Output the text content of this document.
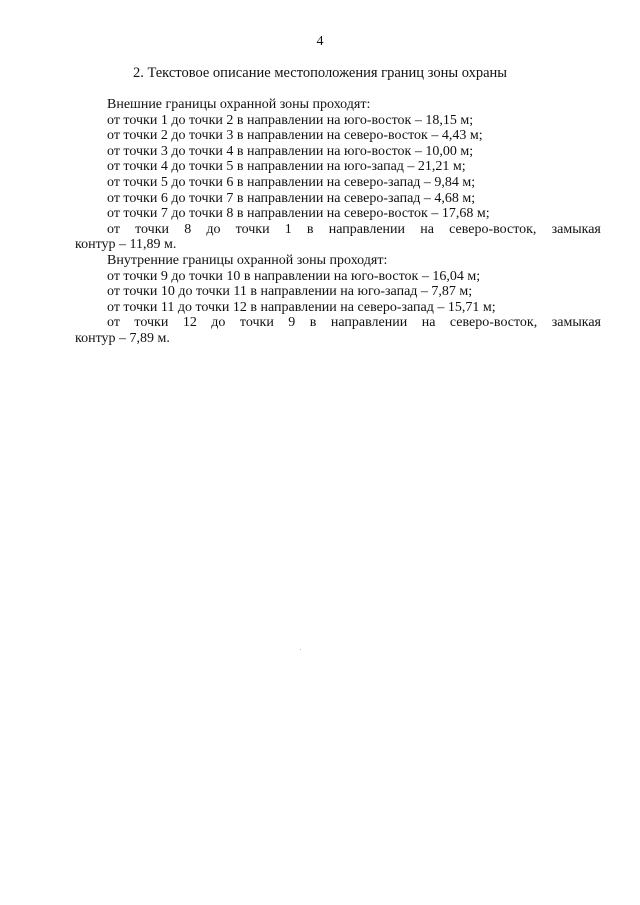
4
2. Текстовое описание местоположения границ зоны охраны
Внешние границы охранной зоны проходят:
от точки 1 до точки 2 в направлении на юго-восток – 18,15 м;
от точки 2 до точки 3 в направлении на северо-восток – 4,43 м;
от точки 3 до точки 4 в направлении на юго-восток – 10,00 м;
от точки 4 до точки 5 в направлении на юго-запад – 21,21 м;
от точки 5 до точки 6 в направлении на северо-запад – 9,84 м;
от точки 6 до точки 7 в направлении на северо-запад – 4,68 м;
от точки 7 до точки 8 в направлении на северо-восток – 17,68 м;
от точки 8 до точки 1 в направлении на северо-восток, замыкая
контур – 11,89 м.
Внутренние границы охранной зоны проходят:
от точки 9 до точки 10 в направлении на юго-восток – 16,04 м;
от точки 10 до точки 11 в направлении на юго-запад – 7,87 м;
от точки 11 до точки 12 в направлении на северо-запад – 15,71 м;
от точки 12 до точки 9 в направлении на северо-восток, замыкая
контур – 7,89 м.
